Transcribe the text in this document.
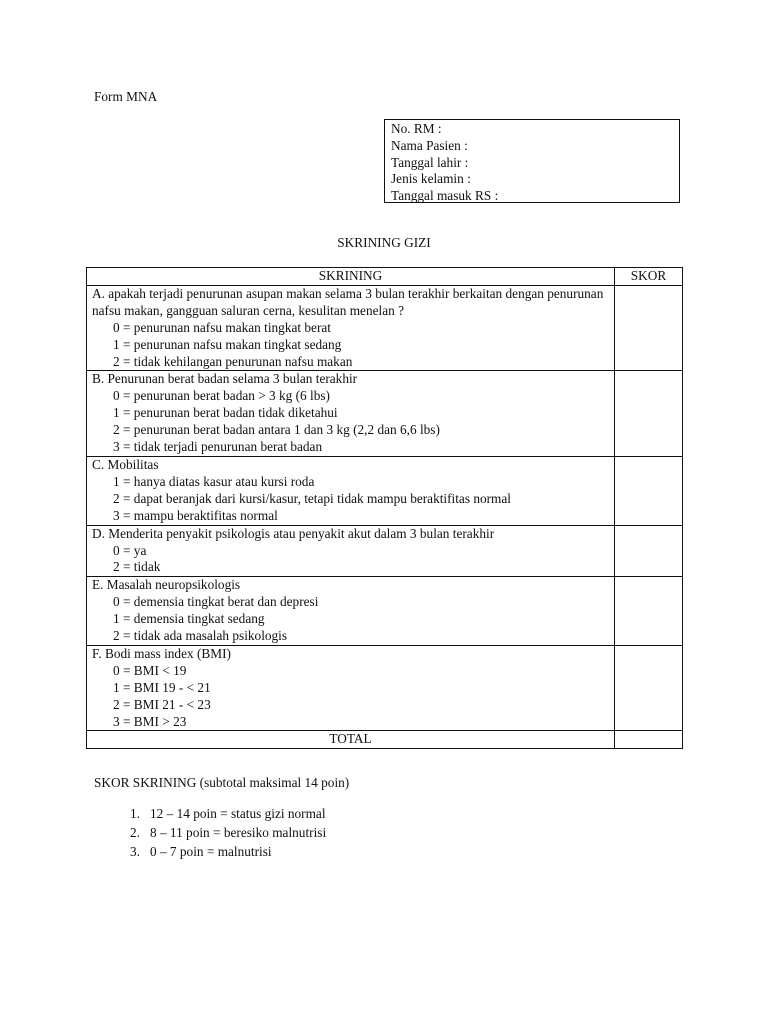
Form MNA
No. RM :
Nama Pasien :
Tanggal lahir :
Jenis kelamin :
Tanggal masuk RS :
SKRINING GIZI
SKRINING	SKOR

A. apakah terjadi penurunan asupan makan selama 3 bulan terakhir berkaitan dengan penurunan nafsu makan, gangguan saluran cerna, kesulitan menelan ?
0 = penurunan nafsu makan tingkat berat
1 = penurunan nafsu makan tingkat sedang
2 = tidak kehilangan penurunan nafsu makan	

B. Penurunan berat badan selama 3 bulan terakhir
0 = penurunan berat badan > 3 kg (6 lbs)
1 = penurunan berat badan tidak diketahui
2 = penurunan berat badan antara 1 dan 3 kg (2,2 dan 6,6 lbs)
3 = tidak terjadi penurunan berat badan	

C. Mobilitas
1 = hanya diatas kasur atau kursi roda
2 = dapat beranjak dari kursi/kasur, tetapi tidak mampu beraktifitas normal
3 = mampu beraktifitas normal	

D. Menderita penyakit psikologis atau penyakit akut dalam 3 bulan terakhir
0 = ya
2 = tidak	

E. Masalah neuropsikologis
0 = demensia tingkat berat dan depresi
1 = demensia tingkat sedang
2 = tidak ada masalah psikologis	

F. Bodi mass index (BMI)
0 = BMI < 19
1 = BMI 19 - < 21
2 = BMI 21 - < 23
3 = BMI > 23	

TOTAL	
SKOR SKRINING (subtotal maksimal 14 poin)
1. 12 – 14 poin = status gizi normal
2. 8 – 11 poin = beresiko malnutrisi
3. 0 – 7 poin = malnutrisi
